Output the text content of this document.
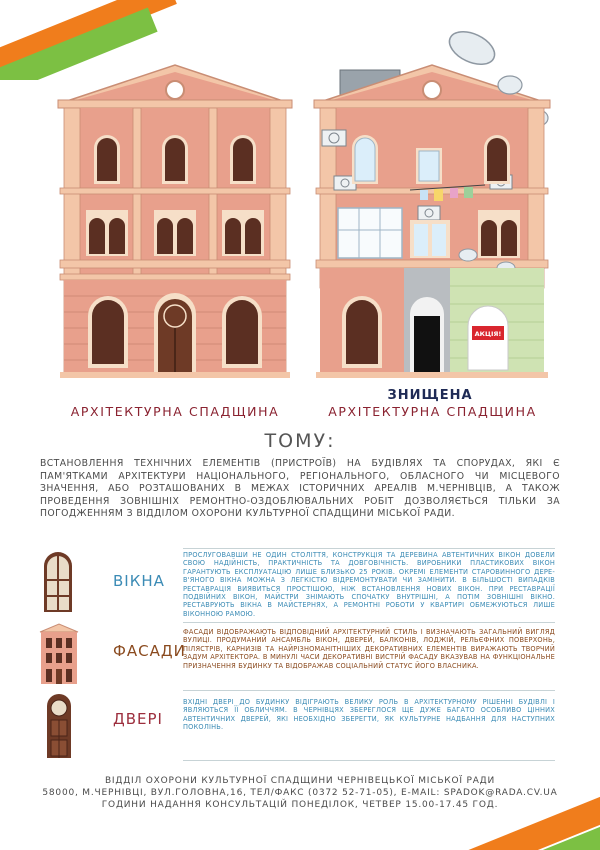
АКЦІЯ!
АРХІТЕКТУРНА СПАДЩИНА
ЗНИЩЕНА
АРХІТЕКТУРНА СПАДЩИНА
ТОМУ:
ВСТАНОВЛЕННЯ ТЕХНІЧНИХ ЕЛЕМЕНТІВ (ПРИСТРОЇВ) НА БУДІВЛЯХ ТА СПОРУДАХ, ЯКІ Є ПАМ'ЯТКАМИ АРХІТЕКТУРИ НАЦІОНАЛЬНОГО, РЕГІОНАЛЬНОГО, ОБЛАСНОГО ЧИ МІСЦЕВОГО ЗНАЧЕННЯ, АБО РОЗТАШОВАНИХ В МЕЖАХ ІСТОРИЧНИХ АРЕАЛІВ М.ЧЕРНІВЦІВ, А ТАКОЖ ПРОВЕДЕННЯ ЗОВНІШНІХ РЕМОНТНО-ОЗДОБЛЮВАЛЬНИХ РОБІТ ДОЗВОЛЯЄТЬСЯ ТІЛЬКИ ЗА ПОГОДЖЕННЯМ З ВІДДІЛОМ ОХОРОНИ КУЛЬТУРНОЇ СПАДЩИНИ МІСЬКОЇ РАДИ.
ВІКНА
ПРОСЛУГОВАВШИ НЕ ОДИН СТОЛІТТЯ, КОНСТРУКЦІЯ ТА ДЕРЕВИНА АВТЕНТИЧНИХ ВІКОН ДОВЕЛИ СВОЮ НАДІЙНІСТЬ, ПРАКТИЧНІСТЬ ТА ДОВГОВІЧНІСТЬ. ВИРОБНИКИ ПЛАСТИКОВИХ ВІКОН ГАРАНТУЮТЬ ЕКСПЛУАТАЦІЮ ЛИШЕ БЛИЗЬКО 25 РОКІВ. ОКРЕМІ ЕЛЕМЕНТИ СТАРОВИННОГО ДЕРЕ- В'ЯНОГО ВІКНА МОЖНА З ЛЕГКІСТЮ ВІДРЕМОНТУВАТИ ЧИ ЗАМІНИТИ. В БІЛЬШОСТІ ВИПАДКІВ РЕСТАВРАЦІЯ ВИЯВИТЬСЯ ПРОСТІШОЮ, НІЖ ВСТАНОВЛЕННЯ НОВИХ ВІКОН. ПРИ РЕСТАВРАЦІЇ ПОДВІЙНИХ ВІКОН, МАЙСТРИ ЗНІМАЮТЬ СПОЧАТКУ ВНУТРІШНІ, А ПОТІМ ЗОВНІШНІ ВІКНО. РЕСТАВРУЮТЬ ВІКНА В МАЙСТЕРНЯХ, А РЕМОНТНІ РОБОТИ У КВАРТИРІ ОБМЕЖУЮТЬСЯ ЛИШЕ ВІКОННОЮ РАМОЮ.
ФАСАДИ
ФАСАДИ ВІДОБРАЖАЮТЬ ВІДПОВІДНИЙ АРХІТЕКТУРНИЙ СТИЛЬ І ВИЗНАЧАЮТЬ ЗАГАЛЬНИЙ ВИГЛЯД ВУЛИЦІ. ПРОДУМАНИЙ АНСАМБЛЬ ВІКОН, ДВЕРЕЙ, БАЛКОНІВ, ЛОДЖІЙ, РЕЛЬЄФНИХ ПОВЕРХОНЬ, ПІЛЯСТРІВ, КАРНИЗІВ ТА НАЙРІЗНОМАНІТНІШИХ ДЕКОРАТИВНИХ ЕЛЕМЕНТІВ ВИРАЖАЮТЬ ТВОРЧИЙ ЗАДУМ АРХІТЕКТОРА. В МИНУЛІ ЧАСИ ДЕКОРАТИВНІ ВИСТРІЙ ФАСАДУ ВКАЗУВАВ НА ФУНКЦІОНАЛЬНЕ ПРИЗНАЧЕННЯ БУДИНКУ ТА ВІДОБРАЖАВ СОЦІАЛЬНИЙ СТАТУС ЙОГО ВЛАСНИКА.
ДВЕРІ
ВХІДНІ ДВЕРІ ДО БУДИНКУ ВІДІГРАЮТЬ ВЕЛИКУ РОЛЬ В АРХІТЕКТУРНОМУ РІШЕННІ БУДІВЛІ І ЯВЛЯЮТЬСЯ ЇЇ ОБЛИЧЧЯМ. В ЧЕРНІВЦЯХ ЗБЕРЕГЛОСЯ ЩЕ ДУЖЕ БАГАТО ОСОБЛИВО ЦІННИХ АВТЕНТИЧНИХ ДВЕРЕЙ, ЯКІ НЕОБХІДНО ЗБЕРЕГТИ, ЯК КУЛЬТУРНЕ НАДБАННЯ ДЛЯ НАСТУПНИХ ПОКОЛІНЬ.
ВІДДІЛ ОХОРОНИ КУЛЬТУРНОЇ СПАДЩИНИ ЧЕРНІВЕЦЬКОЇ МІСЬКОЇ РАДИ
58000, М.ЧЕРНІВЦІ, ВУЛ.ГОЛОВНА,16, ТЕЛ/ФАКС (0372 52-71-05), E-MAIL: SPADOK@RADA.CV.UA
ГОДИНИ НАДАННЯ КОНСУЛЬТАЦІЙ ПОНЕДІЛОК, ЧЕТВЕР 15.00-17.45 ГОД.
